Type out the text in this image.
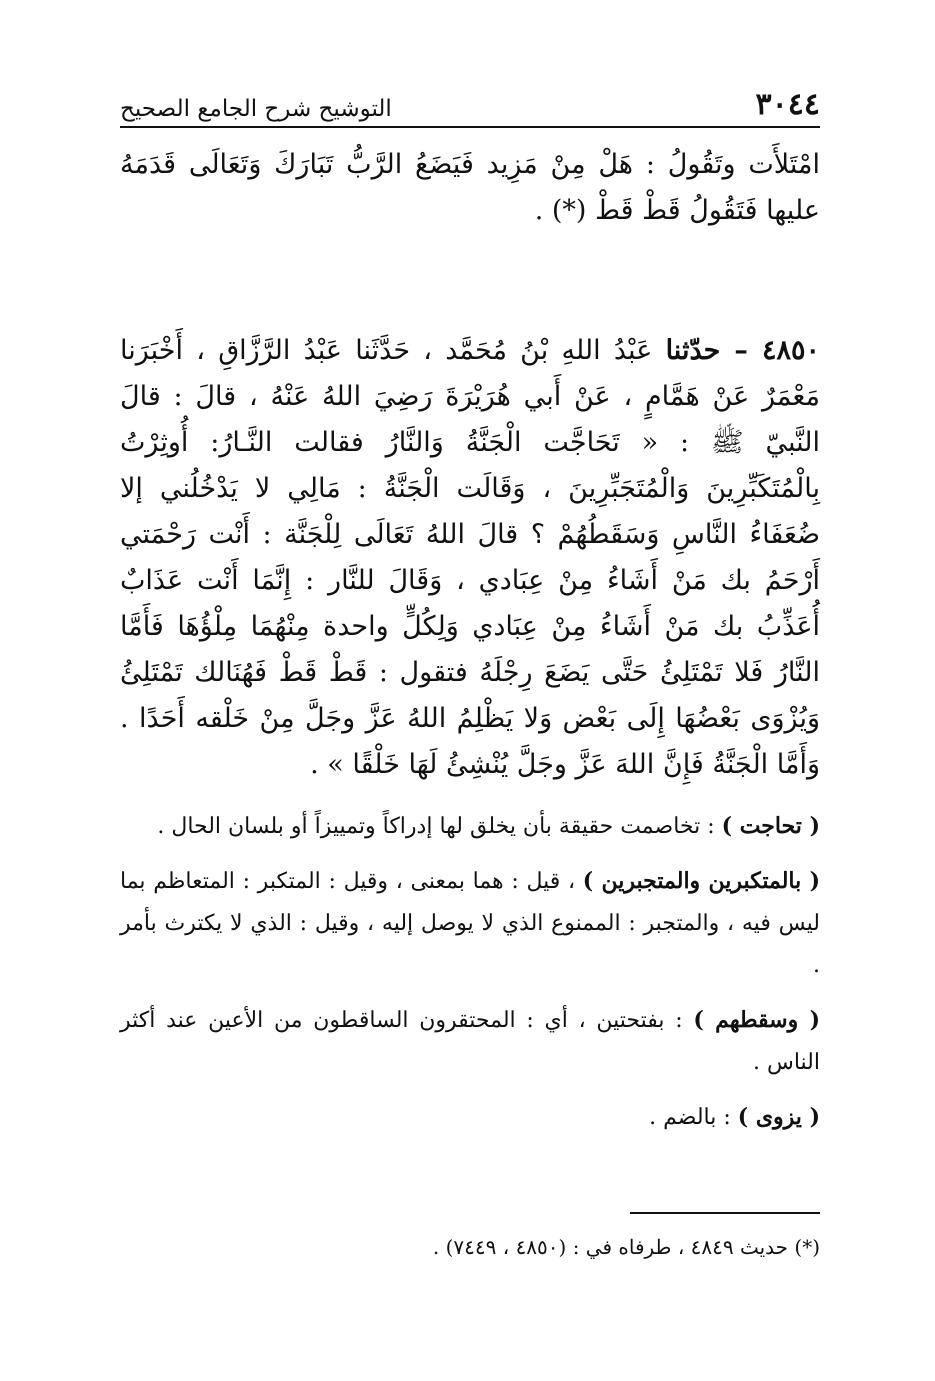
٣٠٤٤
التوشيح شرح الجامع الصحيح
امْتَلأَت وتَقُولُ : هَلْ مِنْ مَزِيد فَيَضَعُ الرَّبُّ تَبَارَكَ وَتَعَالَى قَدَمَهُ عليها فَتَقُولُ قَطْ قَطْ (*) .
٤٨٥٠ – حدّثنا عَبْدُ اللهِ بْنُ مُحَمَّد ، حَدَّثَنا عَبْدُ الرَّزَّاقِ ، أَخْبَرَنا مَعْمَرٌ عَنْ هَمَّامٍ ، عَنْ أَبي هُرَيْرَةَ رَضِيَ اللهُ عَنْهُ ، قالَ : قالَ النَّبيّ ﷺ : « تَحَاجَّت الْجَنَّةُ وَالنَّارُ فقالت النَّـارُ: أُوثِرْتُ بِالْمُتَكَبِّرِينَ وَالْمُتَجَبِّرِينَ ، وَقَالَت الْجَنَّةُ : مَالِي لا يَدْخُلُني إلا ضُعَفَاءُ النَّاسِ وَسَقَطُهُمْ ؟ قالَ اللهُ تَعَالَى لِلْجَنَّة : أَنْت رَحْمَتي أَرْحَمُ بك مَنْ أَشَاءُ مِنْ عِبَادي ، وَقَالَ للنَّار : إِنَّمَا أَنْت عَذَابٌ أُعَذِّبُ بك مَنْ أَشَاءُ مِنْ عِبَادي وَلِكُلٍّ واحدة مِنْهُمَا مِلْؤُهَا فَأَمَّا النَّارُ فَلا تَمْتَلِئُ حَتَّى يَضَعَ رِجْلَهُ فتقول : قَطْ قَطْ فَهُنَالك تَمْتَلِئُ وَيُزْوَى بَعْضُهَا إِلَى بَعْض وَلا يَظْلِمُ اللهُ عَزَّ وجَلَّ مِنْ خَلْقه أَحَدًا . وَأَمَّا الْجَنَّةُ فَإِنَّ اللهَ عَزَّ وجَلَّ يُنْشِئُ لَهَا خَلْقًا » .

( تحاجت ) : تخاصمت حقيقة بأن يخلق لها إدراكاً وتمييزاً أو بلسان الحال .

( بالمتكبرين والمتجبرين ) ، قيل : هما بمعنى ، وقيل : المتكبر : المتعاظم بما ليس فيه ، والمتجبر : الممنوع الذي لا يوصل إليه ، وقيل : الذي لا يكترث بأمر .

( وسقطهم ) : بفتحتين ، أي : المحتقرون الساقطون من الأعين عند أكثر الناس .

( يزوى ) : بالضم .

(*) حديث ٤٨٤٩ ، طرفاه في : (٤٨٥٠ ، ٧٤٤٩) .
